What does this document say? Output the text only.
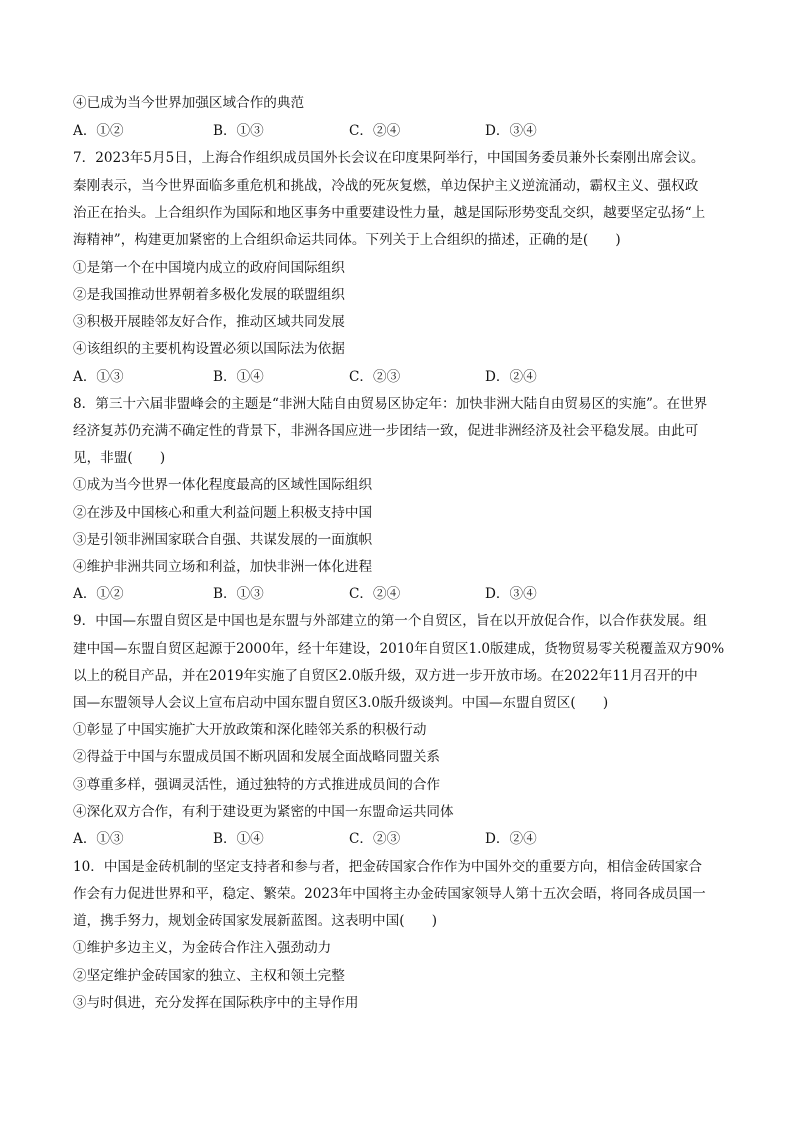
④已成为当今世界加强区域合作的典范
A．①②	B．①③	C．②④	D．③④
7．2023年5月5日，上海合作组织成员国外长会议在印度果阿举行，中国国务委员兼外长秦刚出席会议。
秦刚表示，当今世界面临多重危机和挑战，冷战的死灰复燃，单边保护主义逆流涌动，霸权主义、强权政
治正在抬头。上合组织作为国际和地区事务中重要建设性力量，越是国际形势变乱交织，越要坚定弘扬“上
海精神”，构建更加紧密的上合组织命运共同体。下列关于上合组织的描述，正确的是(　　)
①是第一个在中国境内成立的政府间国际组织
②是我国推动世界朝着多极化发展的联盟组织
③积极开展睦邻友好合作，推动区域共同发展
④该组织的主要机构设置必须以国际法为依据
A．①③	B．①④	C．②③	D．②④
8．第三十六届非盟峰会的主题是“非洲大陆自由贸易区协定年：加快非洲大陆自由贸易区的实施”。在世界
经济复苏仍充满不确定性的背景下，非洲各国应进一步团结一致，促进非洲经济及社会平稳发展。由此可
见，非盟(　　)
①成为当今世界一体化程度最高的区域性国际组织
②在涉及中国核心和重大利益问题上积极支持中国
③是引领非洲国家联合自强、共谋发展的一面旗帜
④维护非洲共同立场和利益，加快非洲一体化进程
A．①②	B．①③	C．②④	D．③④
9．中国—东盟自贸区是中国也是东盟与外部建立的第一个自贸区，旨在以开放促合作，以合作获发展。组
建中国—东盟自贸区起源于2000年，经十年建设，2010年自贸区1.0版建成，货物贸易零关税覆盖双方90%
以上的税目产品，并在2019年实施了自贸区2.0版升级，双方进一步开放市场。在2022年11月召开的中
国—东盟领导人会议上宣布启动中国东盟自贸区3.0版升级谈判。中国—东盟自贸区(　　)
①彰显了中国实施扩大开放政策和深化睦邻关系的积极行动
②得益于中国与东盟成员国不断巩固和发展全面战略同盟关系
③尊重多样，强调灵活性，通过独特的方式推进成员间的合作
④深化双方合作，有利于建设更为紧密的中国一东盟命运共同体
A．①③	B．①④	C．②③	D．②④
10．中国是金砖机制的坚定支持者和参与者，把金砖国家合作作为中国外交的重要方向，相信金砖国家合
作会有力促进世界和平，稳定、繁荣。2023年中国将主办金砖国家领导人第十五次会晤，将同各成员国一
道，携手努力，规划金砖国家发展新蓝图。这表明中国(　　)
①维护多边主义，为金砖合作注入强劲动力
②坚定维护金砖国家的独立、主权和领土完整
③与时俱进，充分发挥在国际秩序中的主导作用
